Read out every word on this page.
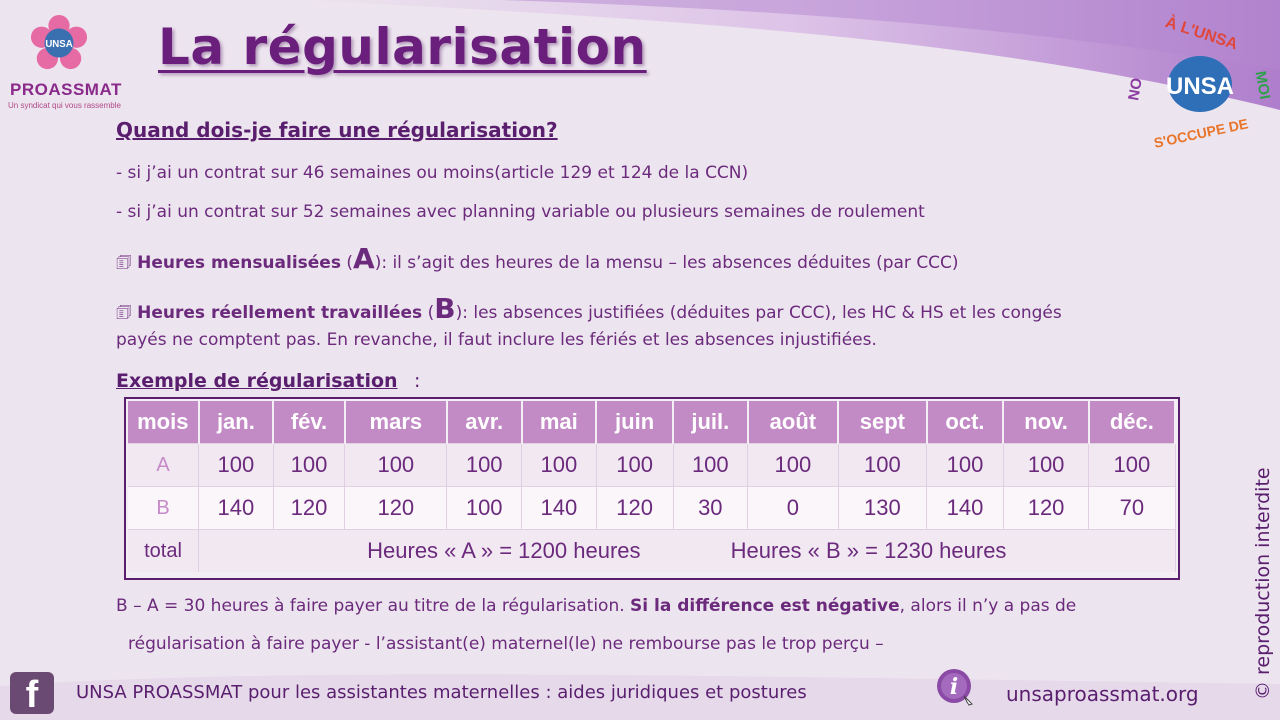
UNSA
PROASSMAT
Un syndicat qui vous rassemble
La régularisation
UNSA
À L'UNSA
NO	MOI
S'OCCUPE DE
Quand dois-je faire une régularisation?
- si j’ai un contrat sur 46 semaines ou moins(article 129 et 124 de la CCN)
- si j’ai un contrat sur 52 semaines avec planning variable ou plusieurs semaines de roulement
🗊 Heures mensualisées (A): il s’agit des heures de la mensu – les absences déduites (par CCC)
🗊 Heures réellement travaillées (B): les absences justifiées (déduites par CCC), les HC & HS et les congés
payés ne comptent pas. En revanche, il faut inclure les fériés et les absences injustifiées.
Exemple de régularisation :
mois	jan.	fév.	mars	avr.	mai	juin	juil.	août	sept	oct.	nov.	déc.
A	100	100	100	100	100	100	100	100	100	100	100	100
B	140	120	120	100	140	120	30	0	130	140	120	70
total	Heures « A » = 1200 heures Heures « B » = 1230 heures											
B – A = 30 heures à faire payer au titre de la régularisation. Si la différence est négative, alors il n’y a pas de
régularisation à faire payer - l’assistant(e) maternel(le) ne rembourse pas le trop perçu –
f	UNSA PROASSMAT pour les assistantes maternelles : aides juridiques et postures	i unsaproassmat.org	© reproduction interdite
